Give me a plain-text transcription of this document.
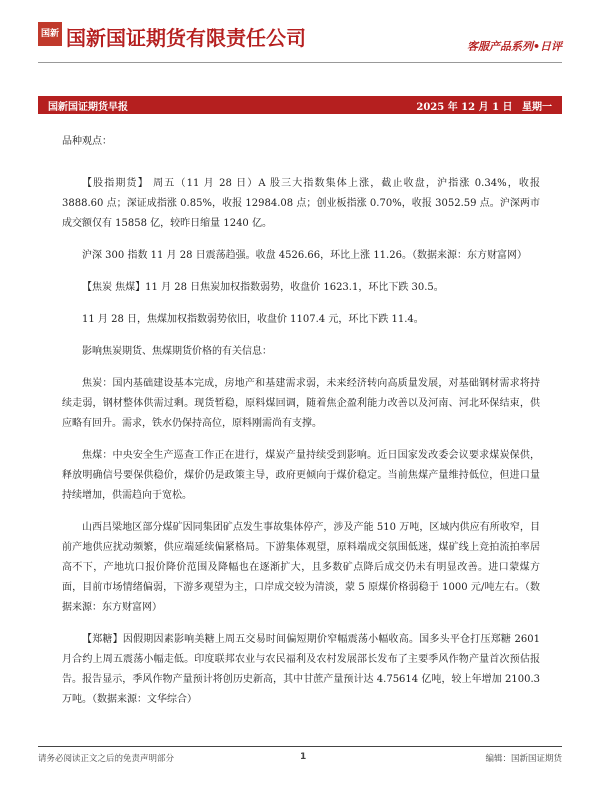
国新 国新国证期货有限责任公司	客服产品系列•日评
国新国证期货早报	2025 年 12 月 1 日 星期一

品种观点：

【股指期货】 周五（11 月 28 日）A 股三大指数集体上涨，截止收盘，沪指涨 0.34%，收报 3888.60 点；深证成指涨 0.85%，收报 12984.08 点；创业板指涨 0.70%，收报 3052.59 点。沪深两市成交额仅有 15858 亿，较昨日缩量 1240 亿。

沪深 300 指数 11 月 28 日震荡趋强。收盘 4526.66，环比上涨 11.26。（数据来源：东方财富网）

【焦炭 焦煤】11 月 28 日焦炭加权指数弱势，收盘价 1623.1，环比下跌 30.5。

11 月 28 日，焦煤加权指数弱势依旧，收盘价 1107.4 元，环比下跌 11.4。

影响焦炭期货、焦煤期货价格的有关信息：

焦炭：国内基础建设基本完成，房地产和基建需求弱，未来经济转向高质量发展，对基础钢材需求将持续走弱，钢材整体供需过剩。现货暂稳，原料煤回调，随着焦企盈利能力改善以及河南、河北环保结束，供应略有回升。需求，铁水仍保持高位，原料刚需尚有支撑。

焦煤：中央安全生产巡查工作正在进行，煤炭产量持续受到影响。近日国家发改委会议要求煤炭保供，释放明确信号要保供稳价，煤价仍是政策主导，政府更倾向于煤价稳定。当前焦煤产量维持低位，但进口量持续增加，供需趋向于宽松。

山西吕梁地区部分煤矿因同集团矿点发生事故集体停产，涉及产能 510 万吨，区域内供应有所收窄，目前产地供应扰动频繁，供应端延续偏紧格局。下游集体观望，原料端成交氛围低迷，煤矿线上竞拍流拍率居高不下，产地坑口报价降价范围及降幅也在逐渐扩大，且多数矿点降后成交仍未有明显改善。进口蒙煤方面，目前市场情绪偏弱，下游多观望为主，口岸成交较为清淡，蒙 5 原煤价格弱稳于 1000 元/吨左右。（数据来源：东方财富网）

【郑糖】因假期因素影响美糖上周五交易时间偏短期价窄幅震荡小幅收高。国多头平仓打压郑糖 2601 月合约上周五震荡小幅走低。印度联邦农业与农民福利及农村发展部长发布了主要季风作物产量首次预估报告。报告显示，季风作物产量预计将创历史新高，其中甘蔗产量预计达 4.75614 亿吨，较上年增加 2100.3 万吨。（数据来源：文华综合）

请务必阅读正文之后的免责声明部分	1	编辑：国新国证期货
